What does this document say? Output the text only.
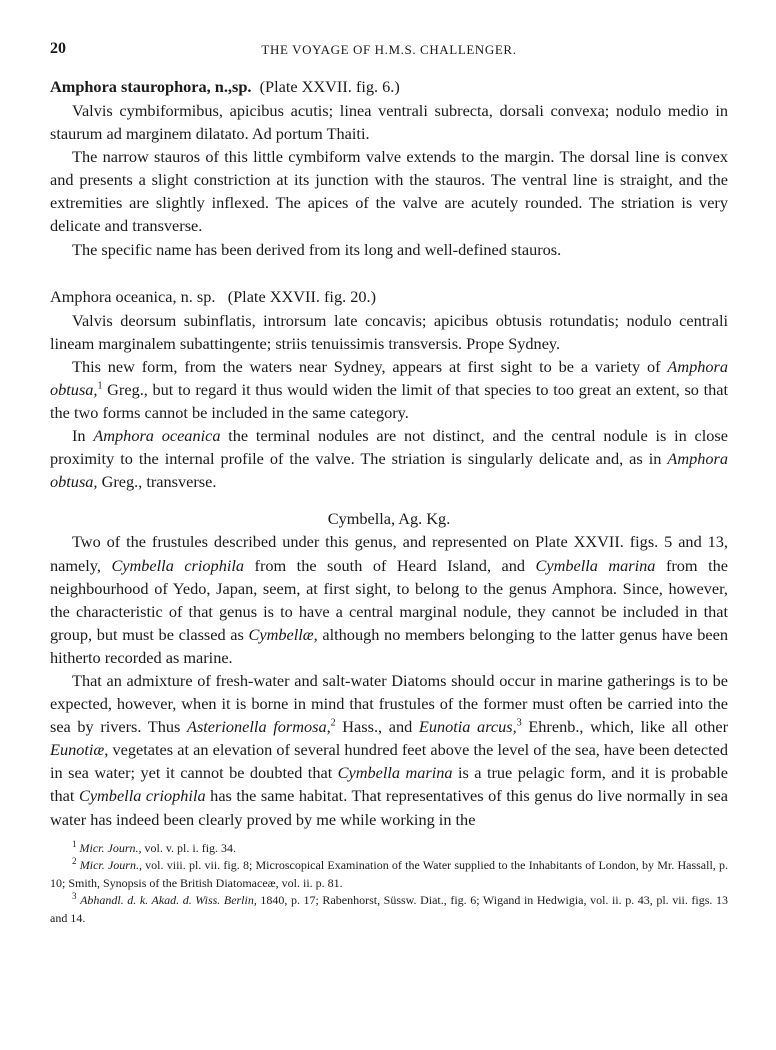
20	THE VOYAGE OF H.M.S. CHALLENGER.
Amphora staurophora, n.,sp. (Plate XXVII. fig. 6.)

Valvis cymbiformibus, apicibus acutis; linea ventrali subrecta, dorsali convexa; nodulo medio in staurum ad marginem dilatato. Ad portum Thaiti.

The narrow stauros of this little cymbiform valve extends to the margin. The dorsal line is convex and presents a slight constriction at its junction with the stauros. The ventral line is straight, and the extremities are slightly inflexed. The apices of the valve are acutely rounded. The striation is very delicate and transverse.

The specific name has been derived from its long and well-defined stauros.

Amphora oceanica, n. sp. (Plate XXVII. fig. 20.)

Valvis deorsum subinflatis, introrsum late concavis; apicibus obtusis rotundatis; nodulo centrali lineam marginalem subattingente; striis tenuissimis transversis. Prope Sydney.

This new form, from the waters near Sydney, appears at first sight to be a variety of Amphora obtusa,$^1$ Greg., but to regard it thus would widen the limit of that species to too great an extent, so that the two forms cannot be included in the same category.

In Amphora oceanica the terminal nodules are not distinct, and the central nodule is in close proximity to the internal profile of the valve. The striation is singularly delicate and, as in Amphora obtusa, Greg., transverse.

Cymbella, Ag. Kg.

Two of the frustules described under this genus, and represented on Plate XXVII. figs. 5 and 13, namely, Cymbella criophila from the south of Heard Island, and Cymbella marina from the neighbourhood of Yedo, Japan, seem, at first sight, to belong to the genus Amphora. Since, however, the characteristic of that genus is to have a central marginal nodule, they cannot be included in that group, but must be classed as Cymbellæ, although no members belonging to the latter genus have been hitherto recorded as marine.

That an admixture of fresh-water and salt-water Diatoms should occur in marine gatherings is to be expected, however, when it is borne in mind that frustules of the former must often be carried into the sea by rivers. Thus Asterionella formosa,$^2$ Hass., and Eunotia arcus,$^3$ Ehrenb., which, like all other Eunotiæ, vegetates at an elevation of several hundred feet above the level of the sea, have been detected in sea water; yet it cannot be doubted that Cymbella marina is a true pelagic form, and it is probable that Cymbella criophila has the same habitat. That representatives of this genus do live normally in sea water has indeed been clearly proved by me while working in the

$^1$ Micr. Journ., vol. v. pl. i. fig. 34.

$^2$ Micr. Journ., vol. viii. pl. vii. fig. 8; Microscopical Examination of the Water supplied to the Inhabitants of London, by Mr. Hassall, p. 10; Smith, Synopsis of the British Diatomaceæ, vol. ii. p. 81.

$^3$ Abhandl. d. k. Akad. d. Wiss. Berlin, 1840, p. 17; Rabenhorst, Süssw. Diat., fig. 6; Wigand in Hedwigia, vol. ii. p. 43, pl. vii. figs. 13 and 14.
